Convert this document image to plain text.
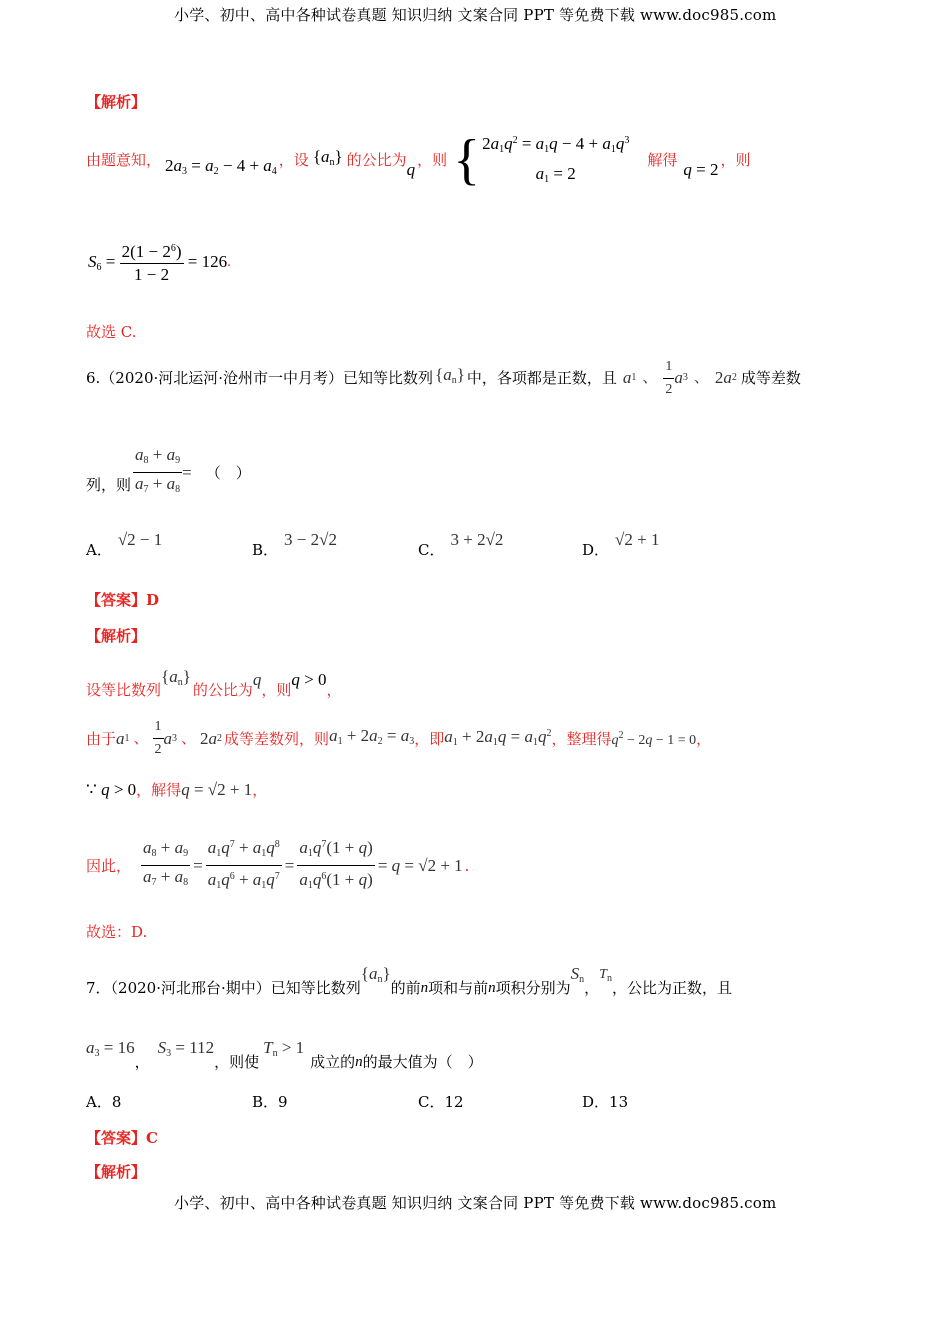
小学、初中、高中各种试卷真题 知识归纳 文案合同 PPT 等免费下载 www.doc985.com
【解析】
由题意知， $2a_3 = a_2 - 4 + a_4$
，设 $\{a_n\}$ 的公比为 q ，则 { $2a_1q^2 = a_1q - 4 + a_1q^3$
$a_1 = 2$
解得 q = 2 ，则
$S_6 = \frac{2(1 - 2^6)}{1 - 2} = 126$ .
故选 C.
6.（2020·河北运河·沧州市一中月考）已知等比数列 $\{a_n\}$ 中，各项都是正数，且 a 1 、 $\frac{1}{2}$ a 3 、 2 a 2 成等差数
列，则 $\frac{a_8 + a_9}{a_7 + a_8}$ = （　）
A．√2 − 1
B．3 − 2√2
C．3 + 2√2
D．√2 + 1
【答案】D
【解析】
设等比数列
$\{a_n\}$
的公比为
q
，则
q > 0
，
由于 a 1 、 $\frac{1}{2}$ a 3 、 2 a 2 成等差数列，则 $a_1 + 2a_2 = a_3$ ，即 $a_1 + 2a_1q = a_1q^2$ ，整理得 $q^2 - 2q - 1 = 0$ ，
∵ q > 0 ，解得 q = √2 + 1 ，
因此， $\frac{a_8 + a_9}{a_7 + a_8} = \frac{a_1q^7 + a_1q^8}{a_1q^6 + a_1q^7} = \frac{a_1q^7(1 + q)}{a_1q^6(1 + q)} = q = √2 + 1$ .
故选：D.
7．（2020·河北邢台·期中）已知等比数列
$\{a_n\}$
的前 n 项和与前 n 项积分别为
$S_n$ ，
$T_n$
，公比为正数，且
$a_3 = 16$
，
$S_3 = 112$
，则使
$T_n > 1$
成立的 n 的最大值为（　）
A．8	B．9	C．12	D．13
【答案】C
【解析】
小学、初中、高中各种试卷真题 知识归纳 文案合同 PPT 等免费下载 www.doc985.com
